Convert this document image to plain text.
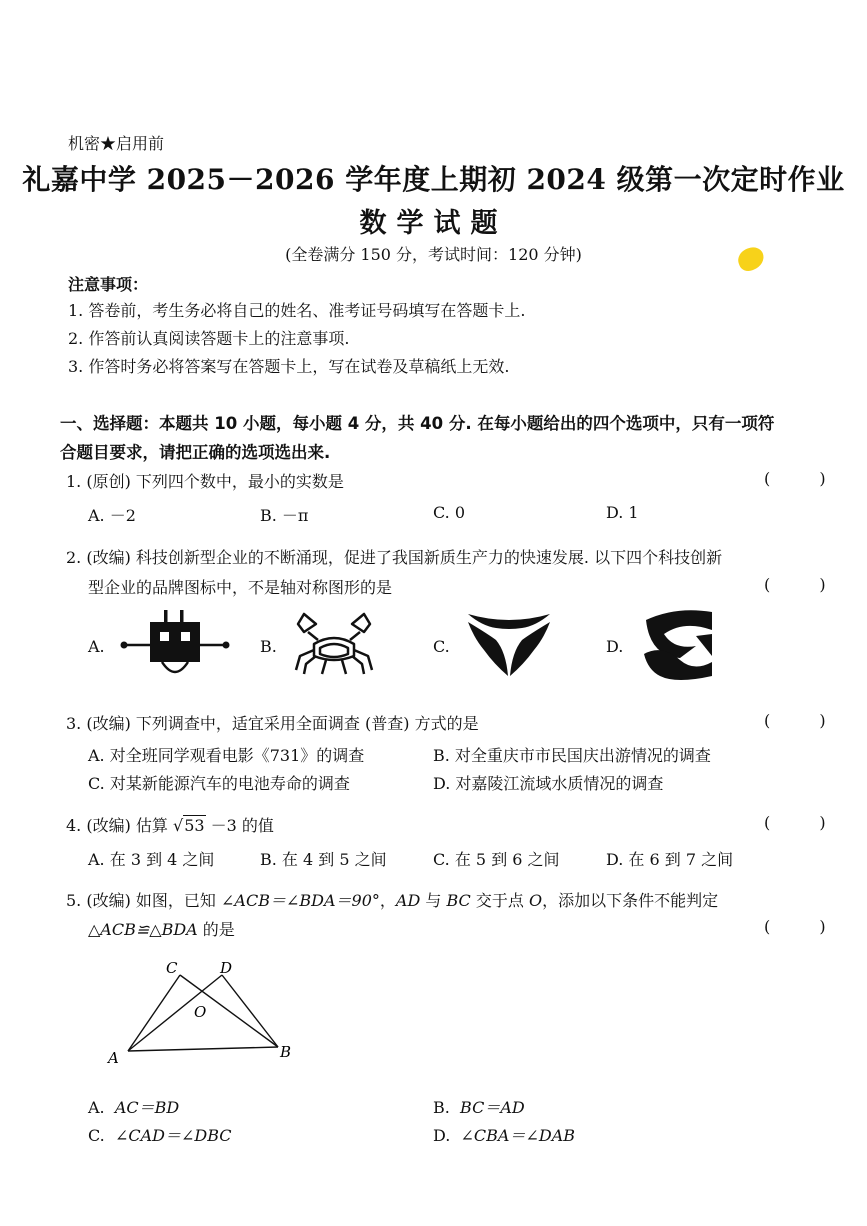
机密★启用前
礼嘉中学 2025－2026 学年度上期初 2024 级第一次定时作业
数学试题
(全卷满分 150 分，考试时间：120 分钟)
注意事项：
1. 答卷前，考生务必将自己的姓名、准考证号码填写在答题卡上.
2. 作答前认真阅读答题卡上的注意事项.
3. 作答时务必将答案写在答题卡上，写在试卷及草稿纸上无效.
一、选择题：本题共 10 小题，每小题 4 分，共 40 分. 在每小题给出的四个选项中，只有一项符
合题目要求，请把正确的选项选出来.
1. (原创) 下列四个数中，最小的实数是	( )
A. －2	B. －π	C. 0	D. 1
2. (改编) 科技创新型企业的不断涌现，促进了我国新质生产力的快速发展. 以下四个科技创新
型企业的品牌图标中，不是轴对称图形的是	( )
A.	B.	C.	D.
3. (改编) 下列调查中，适宜采用全面调查 (普查) 方式的是	( )
A. 对全班同学观看电影《731》的调查	B. 对全重庆市市民国庆出游情况的调查
C. 对某新能源汽车的电池寿命的调查	D. 对嘉陵江流域水质情况的调查
4. (改编) 估算 √53 －3 的值	( )
A. 在 3 到 4 之间	B. 在 4 到 5 之间	C. 在 5 到 6 之间	D. 在 6 到 7 之间
5. (改编) 如图，已知 ∠ACB＝∠BDA＝90°，AD 与 BC 交于点 O，添加以下条件不能判定
△ACB≌△BDA 的是	( )
C	D
O
A	B
A. AC＝BD	B. BC＝AD
C. ∠CAD＝∠DBC	D. ∠CBA＝∠DAB
